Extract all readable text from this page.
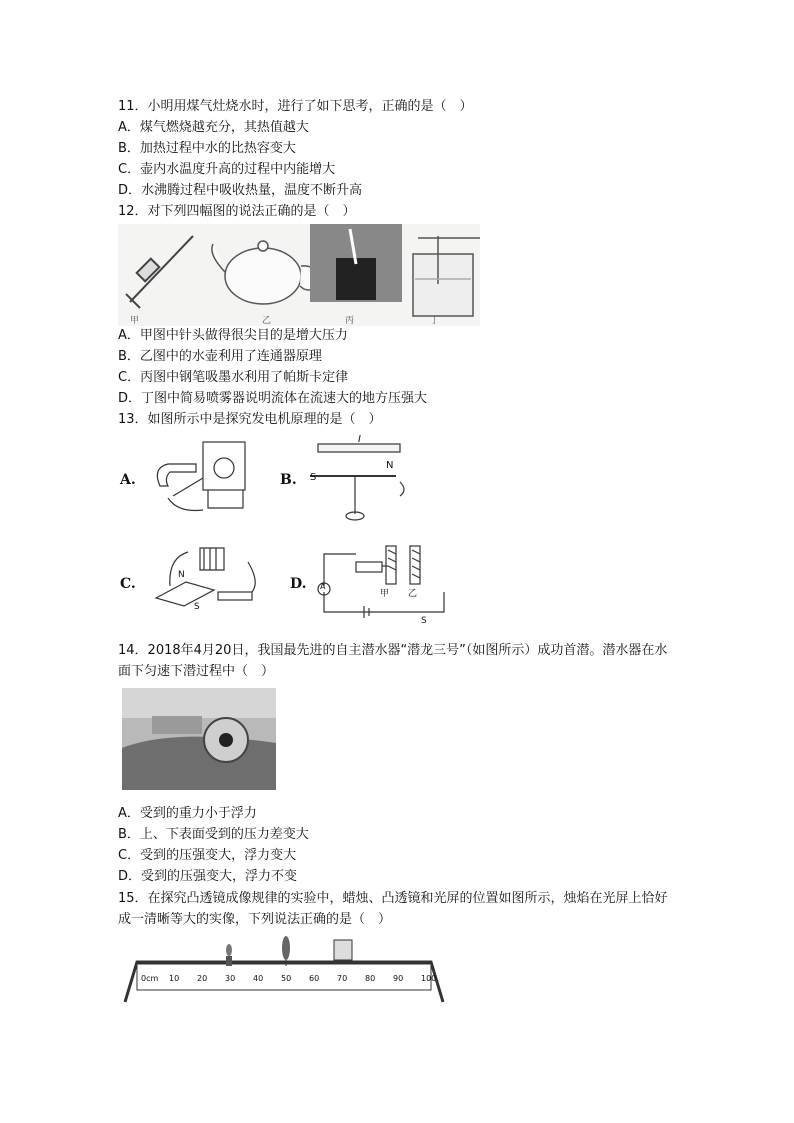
11．小明用煤气灶烧水时，进行了如下思考，正确的是（　）
A．煤气燃烧越充分，其热值越大
B．加热过程中水的比热容变大
C．壶内水温度升高的过程中内能增大
D．水沸腾过程中吸收热量，温度不断升高
12．对下列四幅图的说法正确的是（　）
甲	乙	丙	丁
A．甲图中针头做得很尖目的是增大压力
B．乙图中的水壶利用了连通器原理
C．丙图中钢笔吸墨水利用了帕斯卡定律
D．丁图中简易喷雾器说明流体在流速大的地方压强大
13．如图所示中是探究发电机原理的是（　）
A.	B.
I
S
N
C.
N
S
D. A
甲 乙
S
14．2018年4月20日，我国最先进的自主潜水器“潜龙三号”（如图所示）成功首潜。潜水器在水面下匀速下潜过程中（　）
A．受到的重力小于浮力
B．上、下表面受到的压力差变大
C．受到的压强变大，浮力变大
D．受到的压强变大，浮力不变
15．在探究凸透镜成像规律的实验中，蜡烛、凸透镜和光屏的位置如图所示，烛焰在光屏上恰好成一清晰等大的实像，下列说法正确的是（　）
0cm 10 20 30 40 50 60 70 80 90 100
